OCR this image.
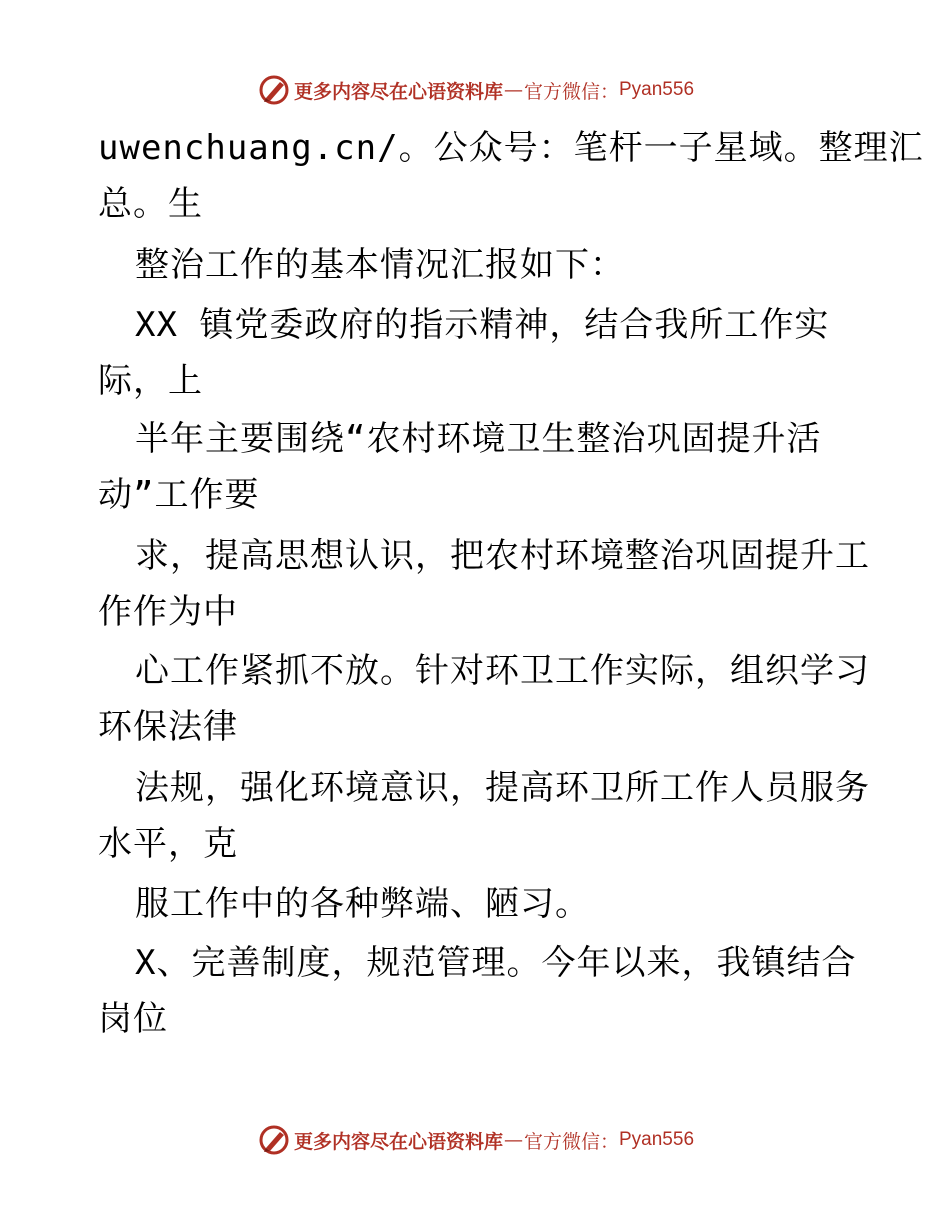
更多内容尽在心语资料库 — 官方微信： Pyan556
uwenchuang.cn/。公众号：笔杆一子星域。整理汇
总。生
整治工作的基本情况汇报如下：
XX 镇党委政府的指示精神，结合我所工作实
际，上
半年主要围绕“农村环境卫生整治巩固提升活
动”工作要
求，提高思想认识，把农村环境整治巩固提升工
作作为中
心工作紧抓不放。针对环卫工作实际，组织学习
环保法律
法规，强化环境意识，提高环卫所工作人员服务
水平，克
服工作中的各种弊端、陋习。
X、完善制度，规范管理。今年以来，我镇结合
岗位
更多内容尽在心语资料库 — 官方微信： Pyan556
